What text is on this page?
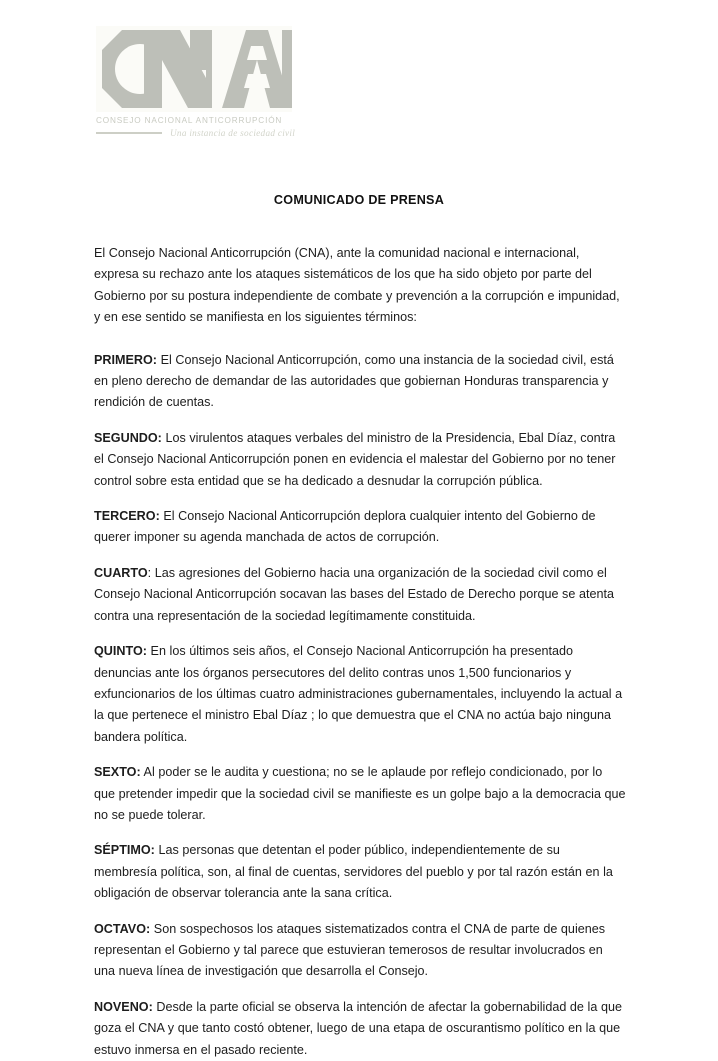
CONSEJO NACIONAL ANTICORRUPCIÓN
Una instancia de sociedad civil
COMUNICADO DE PRENSA

El Consejo Nacional Anticorrupción (CNA), ante la comunidad nacional e internacional, expresa su rechazo ante los ataques sistemáticos de los que ha sido objeto por parte del Gobierno por su postura independiente de combate y prevención a la corrupción e impunidad, y en ese sentido se manifiesta en los siguientes términos:

PRIMERO: El Consejo Nacional Anticorrupción, como una instancia de la sociedad civil, está en pleno derecho de demandar de las autoridades que gobiernan Honduras transparencia y rendición de cuentas.

SEGUNDO: Los virulentos ataques verbales del ministro de la Presidencia, Ebal Díaz, contra el Consejo Nacional Anticorrupción ponen en evidencia el malestar del Gobierno por no tener control sobre esta entidad que se ha dedicado a desnudar la corrupción pública.

TERCERO: El Consejo Nacional Anticorrupción deplora cualquier intento del Gobierno de querer imponer su agenda manchada de actos de corrupción.

CUARTO: Las agresiones del Gobierno hacia una organización de la sociedad civil como el Consejo Nacional Anticorrupción socavan las bases del Estado de Derecho porque se atenta contra una representación de la sociedad legítimamente constituida.

QUINTO: En los últimos seis años, el Consejo Nacional Anticorrupción ha presentado denuncias ante los órganos persecutores del delito contras unos 1,500 funcionarios y exfuncionarios de los últimas cuatro administraciones gubernamentales, incluyendo la actual a la que pertenece el ministro Ebal Díaz ; lo que demuestra que el CNA no actúa bajo ninguna bandera política.

SEXTO: Al poder se le audita y cuestiona; no se le aplaude por reflejo condicionado, por lo que pretender impedir que la sociedad civil se manifieste es un golpe bajo a la democracia que no se puede tolerar.

SÉPTIMO: Las personas que detentan el poder público, independientemente de su membresía política, son, al final de cuentas, servidores del pueblo y por tal razón están en la obligación de observar tolerancia ante la sana crítica.

OCTAVO: Son sospechosos los ataques sistematizados contra el CNA de parte de quienes representan el Gobierno y tal parece que estuvieran temerosos de resultar involucrados en una nueva línea de investigación que desarrolla el Consejo.

NOVENO: Desde la parte oficial se observa la intención de afectar la gobernabilidad de la que goza el CNA y que tanto costó obtener, luego de una etapa de oscurantismo político en la que estuvo inmersa en el pasado reciente.
